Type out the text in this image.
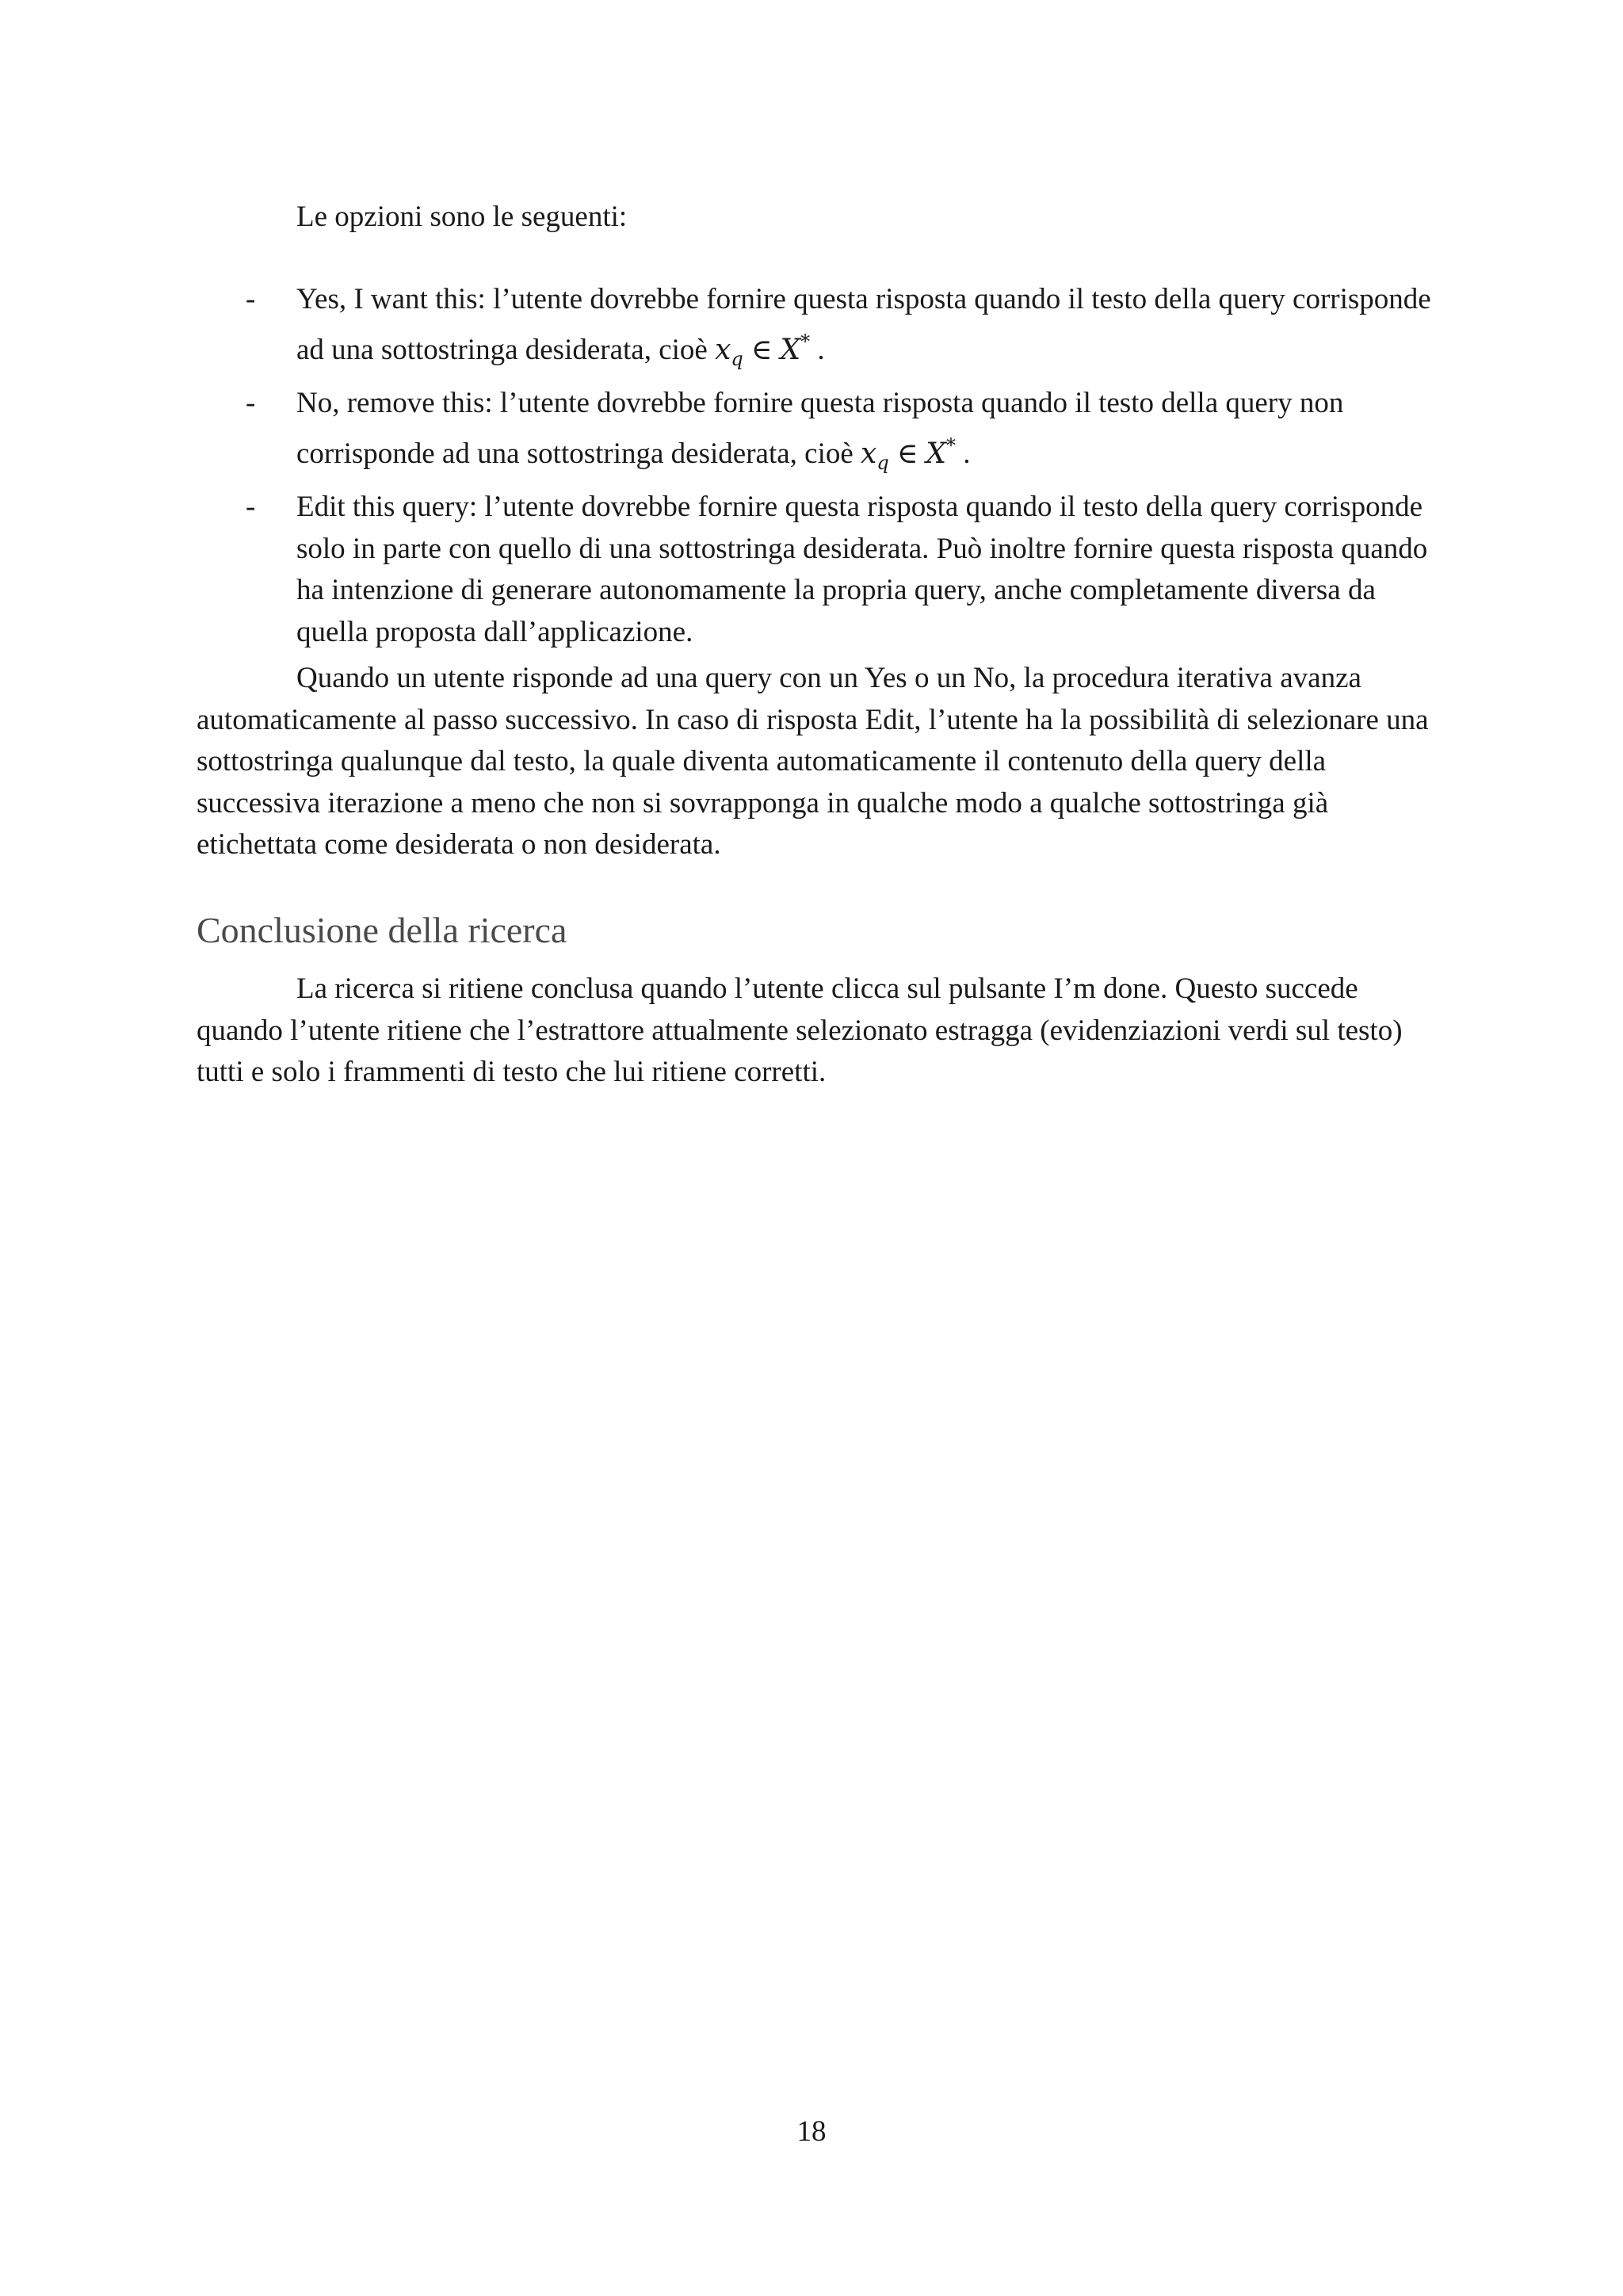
Le opzioni sono le seguenti:

- Yes, I want this: l’utente dovrebbe fornire questa risposta quando il testo della query corrisponde ad una sottostringa desiderata, cioè $x_q$ ∈ X* .
- No, remove this: l’utente dovrebbe fornire questa risposta quando il testo della query non corrisponde ad una sottostringa desiderata, cioè $x_q$ ∈ X* .
- Edit this query: l’utente dovrebbe fornire questa risposta quando il testo della query corrisponde solo in parte con quello di una sottostringa desiderata. Può inoltre fornire questa risposta quando ha intenzione di generare autonomamente la propria query, anche completamente diversa da quella proposta dall’applicazione.

Quando un utente risponde ad una query con un Yes o un No, la procedura iterativa avanza automaticamente al passo successivo. In caso di risposta Edit, l’utente ha la possibilità di selezionare una sottostringa qualunque dal testo, la quale diventa automaticamente il contenuto della query della successiva iterazione a meno che non si sovrapponga in qualche modo a qualche sottostringa già etichettata come desiderata o non desiderata.

Conclusione della ricerca

La ricerca si ritiene conclusa quando l’utente clicca sul pulsante I’m done. Questo succede quando l’utente ritiene che l’estrattore attualmente selezionato estragga (evidenziazioni verdi sul testo) tutti e solo i frammenti di testo che lui ritiene corretti.

18
